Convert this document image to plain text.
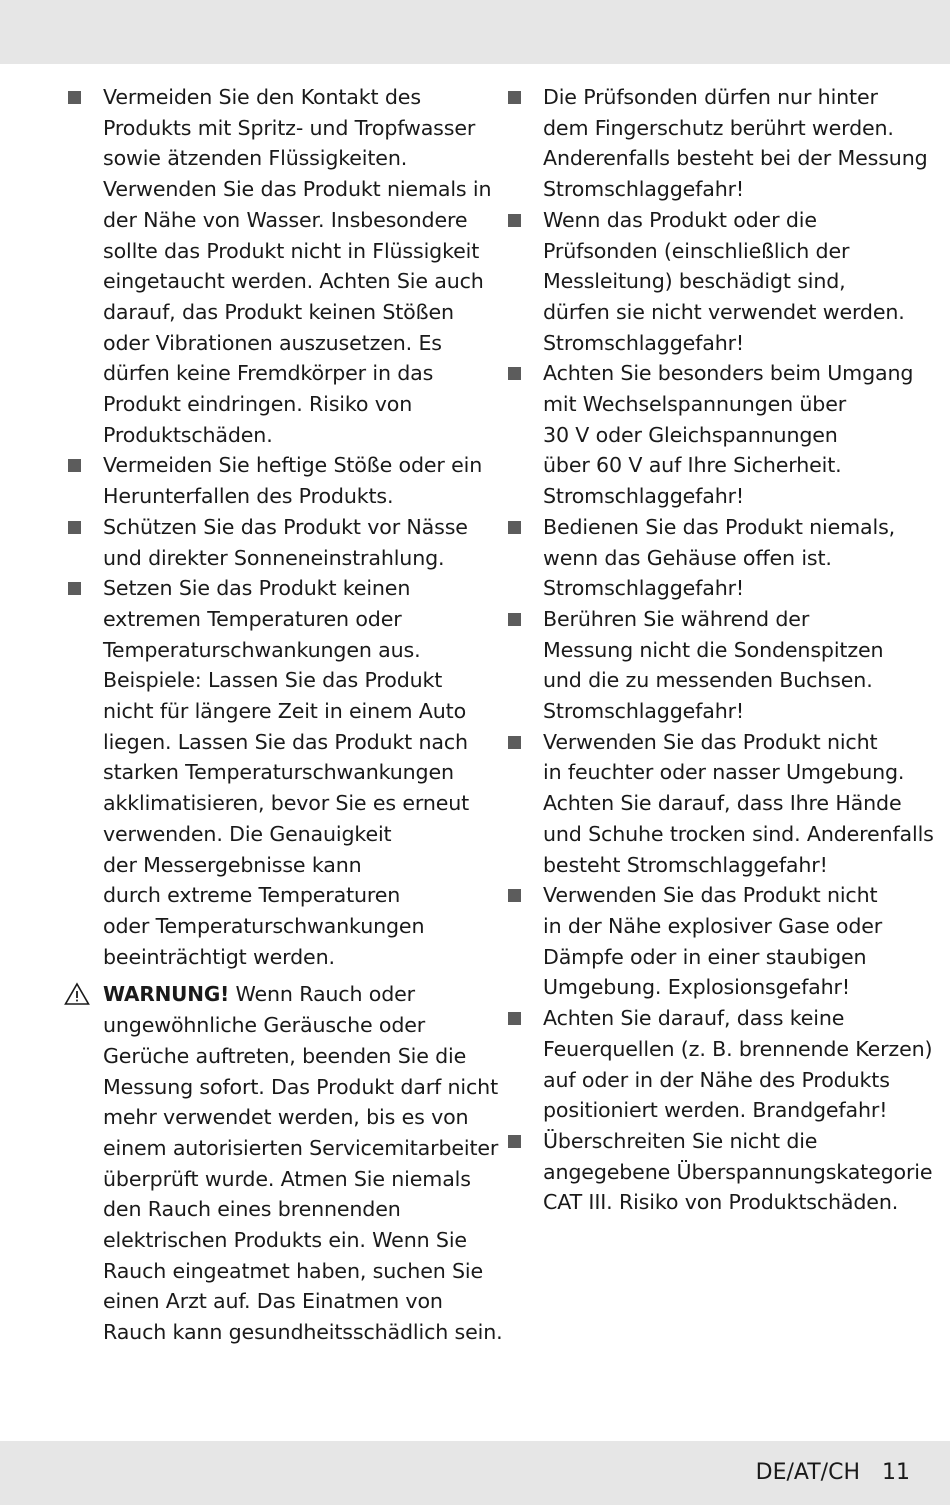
Vermeiden Sie den Kontakt des
Produkts mit Spritz- und Tropfwasser
sowie ätzenden Flüssigkeiten.
Verwenden Sie das Produkt niemals in
der Nähe von Wasser. Insbesondere
sollte das Produkt nicht in Flüssigkeit
eingetaucht werden. Achten Sie auch
darauf, das Produkt keinen Stößen
oder Vibrationen auszusetzen. Es
dürfen keine Fremdkörper in das
Produkt eindringen. Risiko von
Produktschäden.
Vermeiden Sie heftige Stöße oder ein
Herunterfallen des Produkts.
Schützen Sie das Produkt vor Nässe
und direkter Sonneneinstrahlung.
Setzen Sie das Produkt keinen
extremen Temperaturen oder
Temperaturschwankungen aus.
Beispiele: Lassen Sie das Produkt
nicht für längere Zeit in einem Auto
liegen. Lassen Sie das Produkt nach
starken Temperaturschwankungen
akklimatisieren, bevor Sie es erneut
verwenden. Die Genauigkeit
der Messergebnisse kann
durch extreme Temperaturen
oder Temperaturschwankungen
beeinträchtigt werden.
WARNUNG! Wenn Rauch oder
ungewöhnliche Geräusche oder
Gerüche auftreten, beenden Sie die
Messung sofort. Das Produkt darf nicht
mehr verwendet werden, bis es von
einem autorisierten Servicemitarbeiter
überprüft wurde. Atmen Sie niemals
den Rauch eines brennenden
elektrischen Produkts ein. Wenn Sie
Rauch eingeatmet haben, suchen Sie
einen Arzt auf. Das Einatmen von
Rauch kann gesundheitsschädlich sein.
Die Prüfsonden dürfen nur hinter
dem Fingerschutz berührt werden.
Anderenfalls besteht bei der Messung
Stromschlaggefahr!
Wenn das Produkt oder die
Prüfsonden (einschließlich der
Messleitung) beschädigt sind,
dürfen sie nicht verwendet werden.
Stromschlaggefahr!
Achten Sie besonders beim Umgang
mit Wechselspannungen über
30 V oder Gleichspannungen
über 60 V auf Ihre Sicherheit.
Stromschlaggefahr!
Bedienen Sie das Produkt niemals,
wenn das Gehäuse offen ist.
Stromschlaggefahr!
Berühren Sie während der
Messung nicht die Sondenspitzen
und die zu messenden Buchsen.
Stromschlaggefahr!
Verwenden Sie das Produkt nicht
in feuchter oder nasser Umgebung.
Achten Sie darauf, dass Ihre Hände
und Schuhe trocken sind. Anderenfalls
besteht Stromschlaggefahr!
Verwenden Sie das Produkt nicht
in der Nähe explosiver Gase oder
Dämpfe oder in einer staubigen
Umgebung. Explosionsgefahr!
Achten Sie darauf, dass keine
Feuerquellen (z. B. brennende Kerzen)
auf oder in der Nähe des Produkts
positioniert werden. Brandgefahr!
Überschreiten Sie nicht die
angegebene Überspannungskategorie
CAT III. Risiko von Produktschäden.
DE/AT/CH 11
